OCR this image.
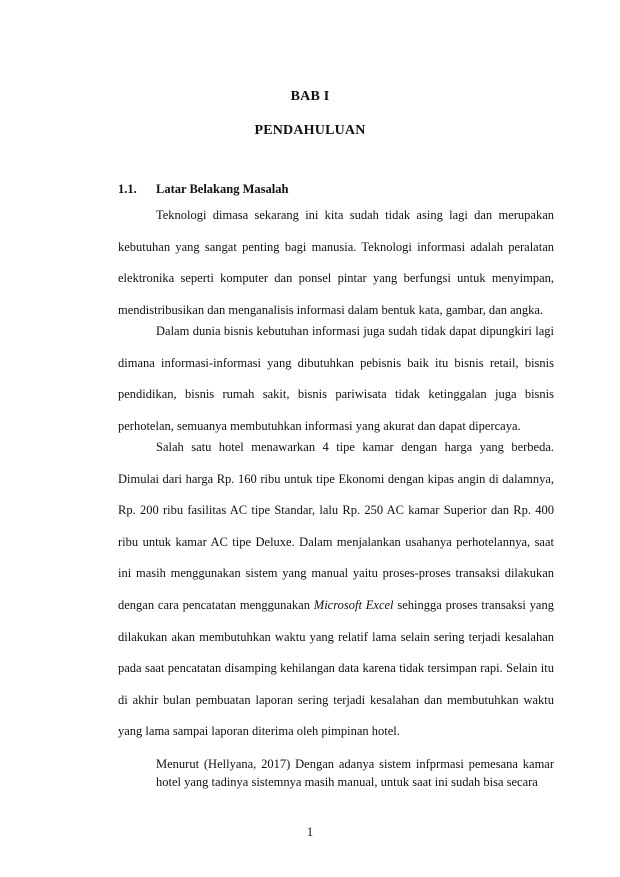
BAB I
PENDAHULUAN
1.1. Latar Belakang Masalah

Teknologi dimasa sekarang ini kita sudah tidak asing lagi dan merupakan kebutuhan yang sangat penting bagi manusia. Teknologi informasi adalah peralatan elektronika seperti komputer dan ponsel pintar yang berfungsi untuk menyimpan, mendistribusikan dan menganalisis informasi dalam bentuk kata, gambar, dan angka.

Dalam dunia bisnis kebutuhan informasi juga sudah tidak dapat dipungkiri lagi dimana informasi-informasi yang dibutuhkan pebisnis baik itu bisnis retail, bisnis pendidikan, bisnis rumah sakit, bisnis pariwisata tidak ketinggalan juga bisnis perhotelan, semuanya membutuhkan informasi yang akurat dan dapat dipercaya.

Salah satu hotel menawarkan 4 tipe kamar dengan harga yang berbeda. Dimulai dari harga Rp. 160 ribu untuk tipe Ekonomi dengan kipas angin di dalamnya, Rp. 200 ribu fasilitas AC tipe Standar, lalu Rp. 250 AC kamar Superior dan Rp. 400 ribu untuk kamar AC tipe Deluxe. Dalam menjalankan usahanya perhotelannya, saat ini masih menggunakan sistem yang manual yaitu proses-proses transaksi dilakukan dengan cara pencatatan menggunakan Microsoft Excel sehingga proses transaksi yang dilakukan akan membutuhkan waktu yang relatif lama selain sering terjadi kesalahan pada saat pencatatan disamping kehilangan data karena tidak tersimpan rapi. Selain itu di akhir bulan pembuatan laporan sering terjadi kesalahan dan membutuhkan waktu yang lama sampai laporan diterima oleh pimpinan hotel.

Menurut (Hellyana, 2017) Dengan adanya sistem infprmasi pemesana kamar hotel yang tadinya sistemnya masih manual, untuk saat ini sudah bisa secara

1
